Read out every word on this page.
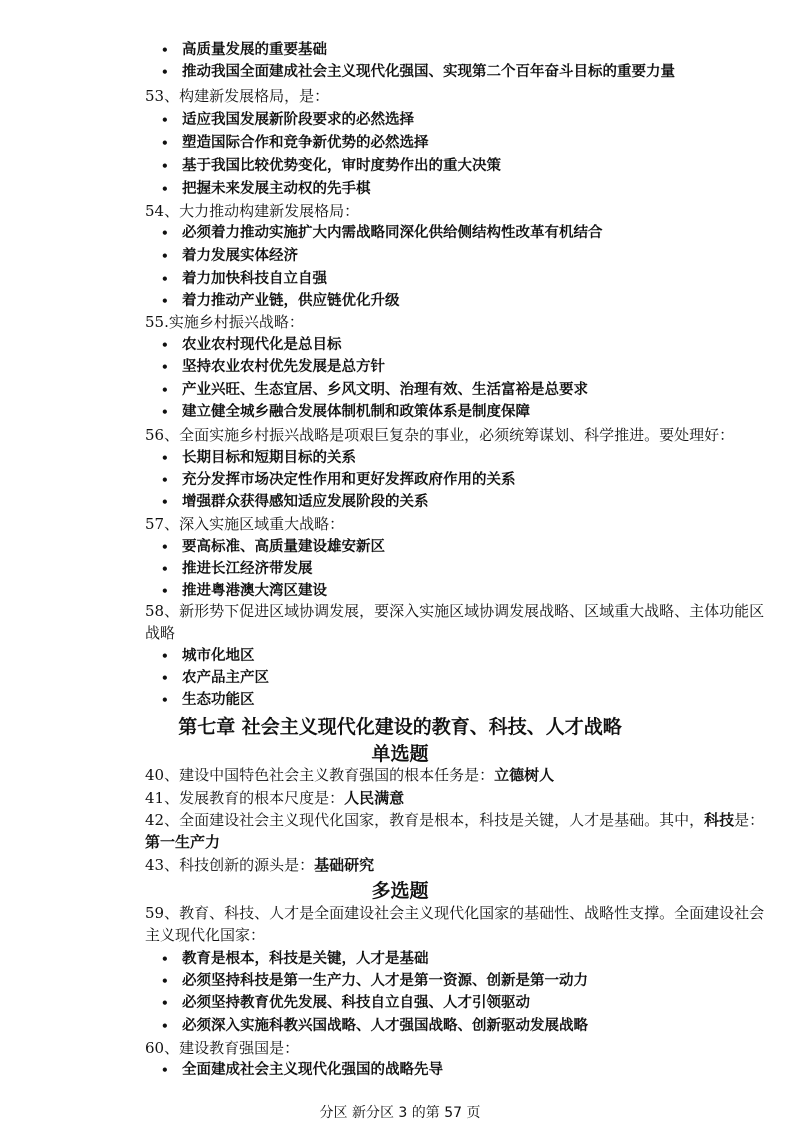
• 高质量发展的重要基础
• 推动我国全面建成社会主义现代化强国、实现第二个百年奋斗目标的重要力量
53、构建新发展格局，是：
• 适应我国发展新阶段要求的必然选择
• 塑造国际合作和竞争新优势的必然选择
• 基于我国比较优势变化，审时度势作出的重大决策
• 把握未来发展主动权的先手棋
54、大力推动构建新发展格局：
• 必须着力推动实施扩大内需战略同深化供给侧结构性改革有机结合
• 着力发展实体经济
• 着力加快科技自立自强
• 着力推动产业链，供应链优化升级
55.实施乡村振兴战略：
• 农业农村现代化是总目标
• 坚持农业农村优先发展是总方针
• 产业兴旺、生态宜居、乡风文明、治理有效、生活富裕是总要求
• 建立健全城乡融合发展体制机制和政策体系是制度保障
56、全面实施乡村振兴战略是项艰巨复杂的事业，必须统筹谋划、科学推进。要处理好：
• 长期目标和短期目标的关系
• 充分发挥市场决定性作用和更好发挥政府作用的关系
• 增强群众获得感知适应发展阶段的关系
57、深入实施区域重大战略：
• 要高标准、高质量建设雄安新区
• 推进长江经济带发展
• 推进粤港澳大湾区建设
58、新形势下促进区域协调发展，要深入实施区域协调发展战略、区域重大战略、主体功能区战略
• 城市化地区
• 农产品主产区
• 生态功能区
第七章 社会主义现代化建设的教育、科技、人才战略
单选题
40、建设中国特色社会主义教育强国的根本任务是：立德树人
41、发展教育的根本尺度是：人民满意
42、全面建设社会主义现代化国家，教育是根本，科技是关键，人才是基础。其中，科技是：
第一生产力
43、科技创新的源头是：基础研究
多选题
59、教育、科技、人才是全面建设社会主义现代化国家的基础性、战略性支撑。全面建设社会主义现代化国家：
• 教育是根本，科技是关键，人才是基础
• 必须坚持科技是第一生产力、人才是第一资源、创新是第一动力
• 必须坚持教育优先发展、科技自立自强、人才引领驱动
• 必须深入实施科教兴国战略、人才强国战略、创新驱动发展战略
60、建设教育强国是：
• 全面建成社会主义现代化强国的战略先导
分区 新分区 3 的第 57 页
